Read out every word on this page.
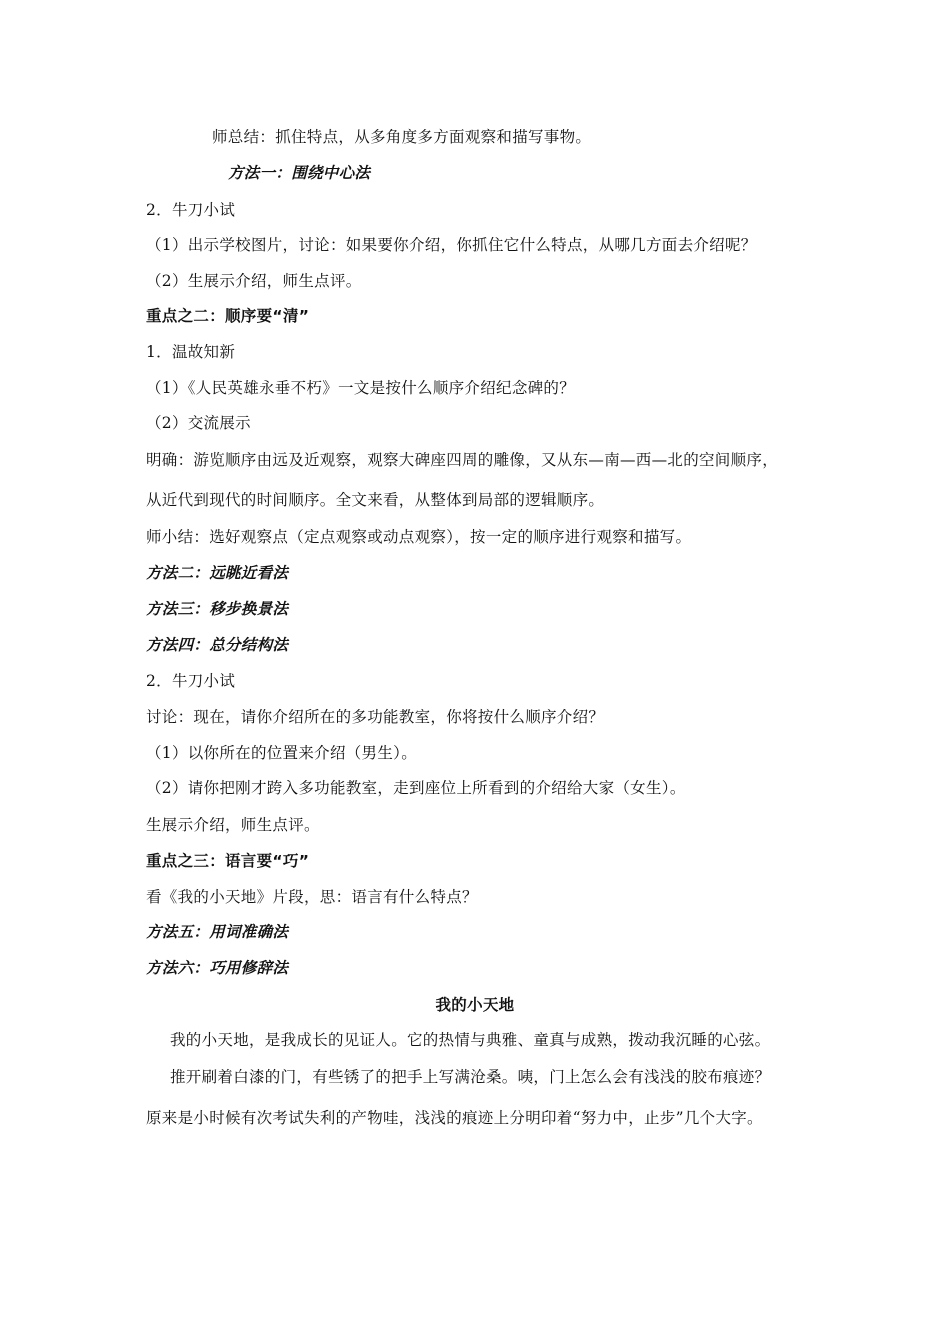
师总结：抓住特点，从多角度多方面观察和描写事物。
方法一：围绕中心法
2．牛刀小试
（1）出示学校图片，讨论：如果要你介绍，你抓住它什么特点，从哪几方面去介绍呢？
（2）生展示介绍，师生点评。
重点之二：顺序要“清”
1．温故知新
（1）《人民英雄永垂不朽》一文是按什么顺序介绍纪念碑的？
（2）交流展示
明确：游览顺序由远及近观察，观察大碑座四周的雕像，又从东—南—西—北的空间顺序，
从近代到现代的时间顺序。全文来看，从整体到局部的逻辑顺序。
师小结：选好观察点（定点观察或动点观察），按一定的顺序进行观察和描写。
方法二：远眺近看法
方法三：移步换景法
方法四：总分结构法
2．牛刀小试
讨论：现在，请你介绍所在的多功能教室，你将按什么顺序介绍？
（1）以你所在的位置来介绍（男生）。
（2）请你把刚才跨入多功能教室，走到座位上所看到的介绍给大家（女生）。
生展示介绍，师生点评。
重点之三：语言要“巧”
看《我的小天地》片段，思：语言有什么特点？
方法五：用词准确法
方法六：巧用修辞法
我的小天地
我的小天地，是我成长的见证人。它的热情与典雅、童真与成熟，拨动我沉睡的心弦。
推开刷着白漆的门，有些锈了的把手上写满沧桑。咦，门上怎么会有浅浅的胶布痕迹？
原来是小时候有次考试失利的产物哇，浅浅的痕迹上分明印着“努力中，止步”几个大字。
